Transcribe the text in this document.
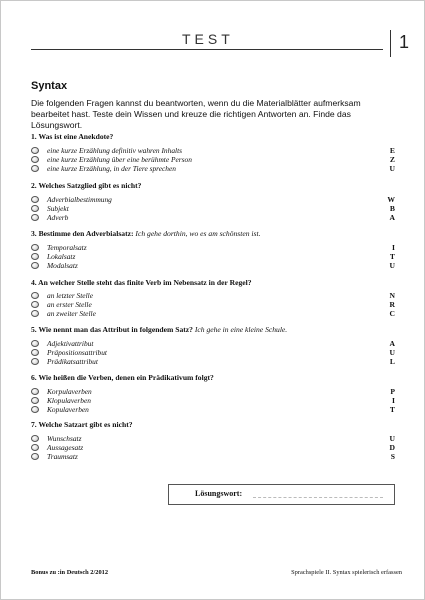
TEST	1
Syntax
Die folgenden Fragen kannst du beantworten, wenn du die Materialblätter aufmerksam bearbeitet hast. Teste dein Wissen und kreuze die richtigen Antworten an. Finde das Lösungswort.
1. Was ist eine Anekdote?
eine kurze Erzählung definitiv wahren Inhalts	E
eine kurze Erzählung über eine berühmte Person	Z
eine kurze Erzählung, in der Tiere sprechen	U
2. Welches Satzglied gibt es nicht?
Adverbialbestimmung	W
Subjekt	B
Adverb	A
3. Bestimme den Adverbialsatz: Ich gehe dorthin, wo es am schönsten ist.
Temporalsatz	I
Lokalsatz	T
Modalsatz	U
4. An welcher Stelle steht das finite Verb im Nebensatz in der Regel?
an letzter Stelle	N
an erster Stelle	R
an zweiter Stelle	C
5. Wie nennt man das Attribut in folgendem Satz? Ich gehe in eine kleine Schule.
Adjektivattribut	A
Präpositionsattribut	U
Prädikatsattribut	L
6. Wie heißen die Verben, denen ein Prädikativum folgt?
Korpulaverben	P
Klopulaverben	I
Kopulaverben	T
7. Welche Satzart gibt es nicht?
Wunschsatz	U
Aussagesatz	D
Traumsatz	S
Lösungswort:
Bonus zu :in Deutsch 2/2012	Sprachspiele II. Syntax spielerisch erfassen
